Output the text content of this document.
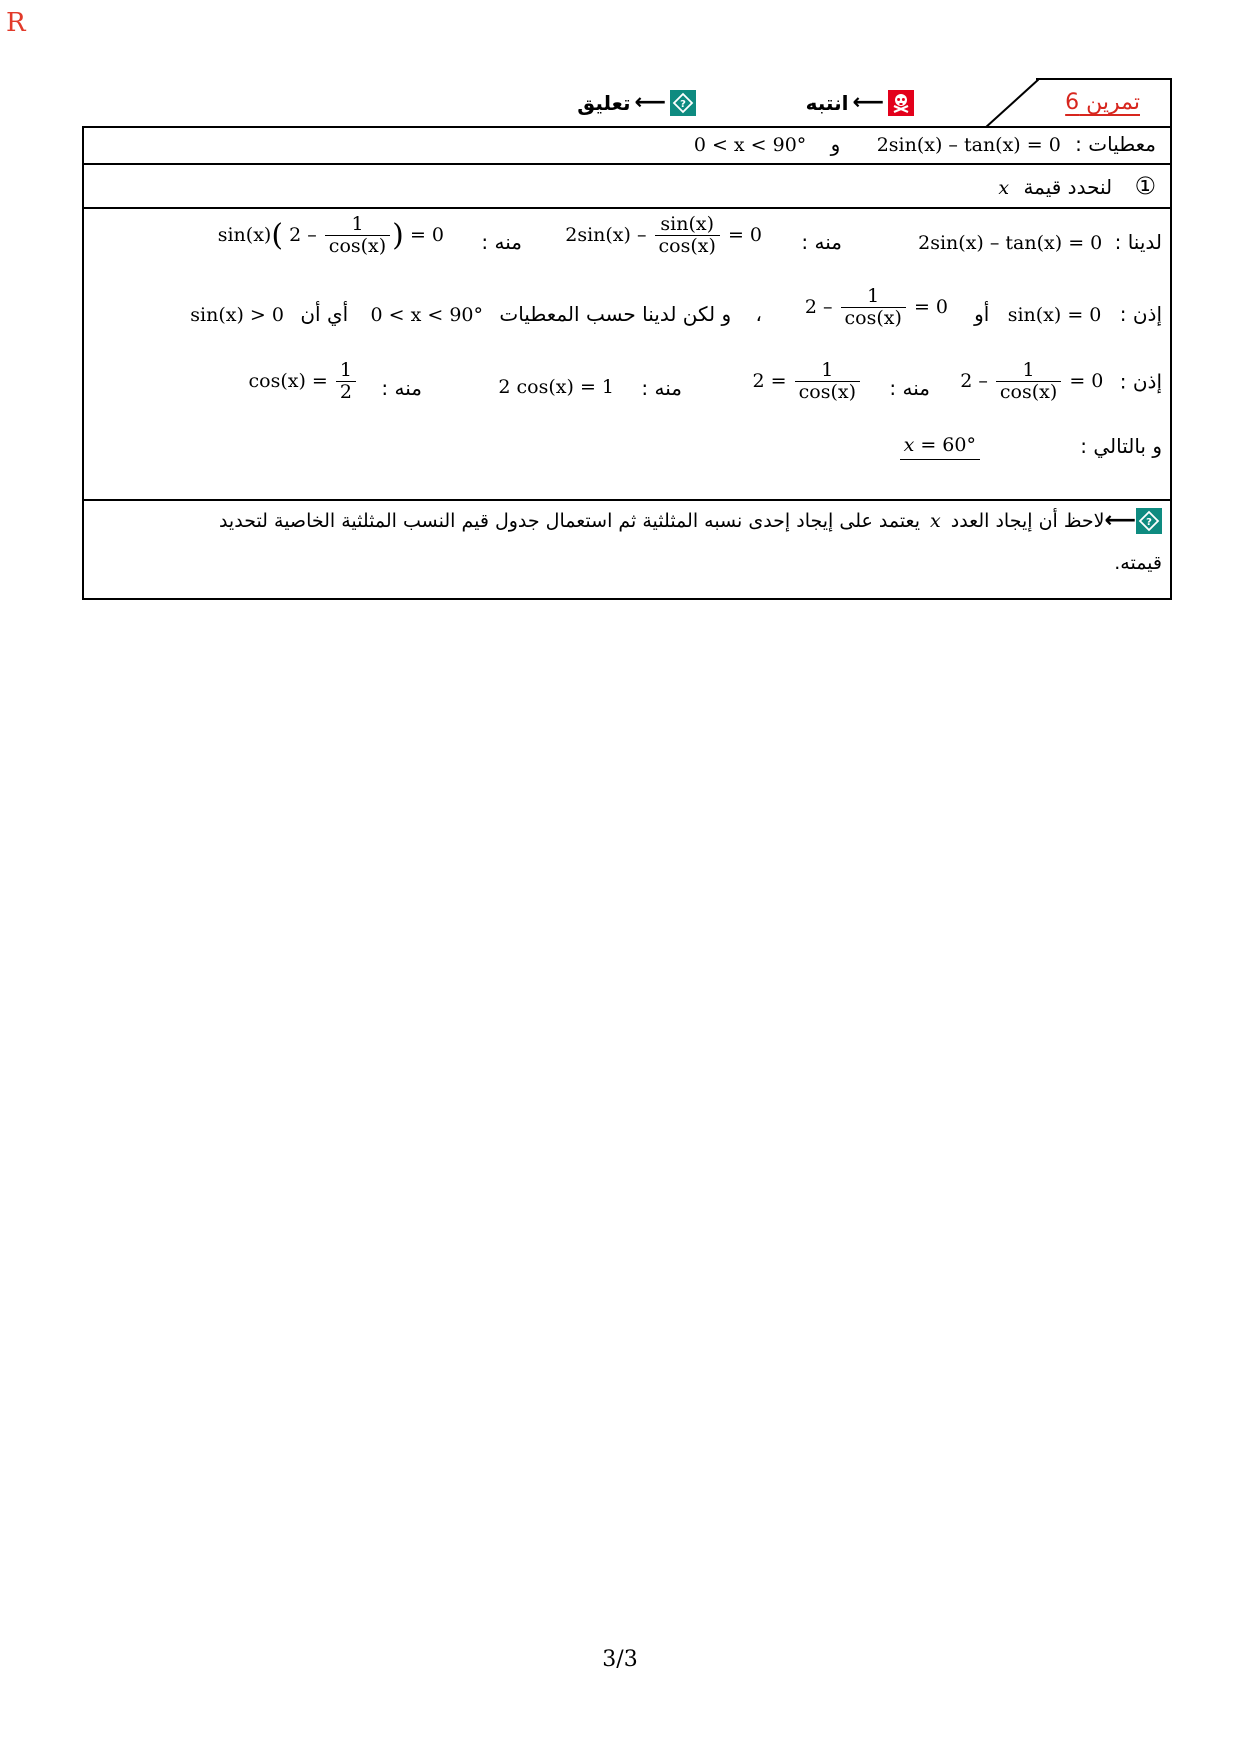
R
تمرين 6
⟵
انتبه
?
⟵
تعليق
معطيات : 2sin(x) – tan(x) = 0 و 0 < x < 90°
① لنحدد قيمة x
لدينا : 2sin(x) – tan(x) = 0
منه :
$2\sin(x) - \frac{\sin(x)}{\cos(x)} = 0$
منه :
sin(x)( $2 - \frac{1}{\cos(x)}$ ) = 0
إذن : sin(x) = 0 أو
$2 - \frac{1}{\cos(x)} = 0$
، و لكن لدينا حسب المعطيات 0 < x < 90° أي أن sin(x) > 0
إذن : $2 - \frac{1}{\cos(x)} = 0$
منه :
$2 = \frac{1}{\cos(x)}$
منه :
2 cos(x) = 1
منه :
$\cos(x) = \frac{1}{2}$
و بالتالي :
x = 60°
?
⟵
لاحظ أن إيجاد العدد
x
يعتمد على إيجاد إحدى نسبه المثلثية ثم استعمال جدول قيم النسب المثلثية الخاصية لتحديد
قيمته.
3/3
